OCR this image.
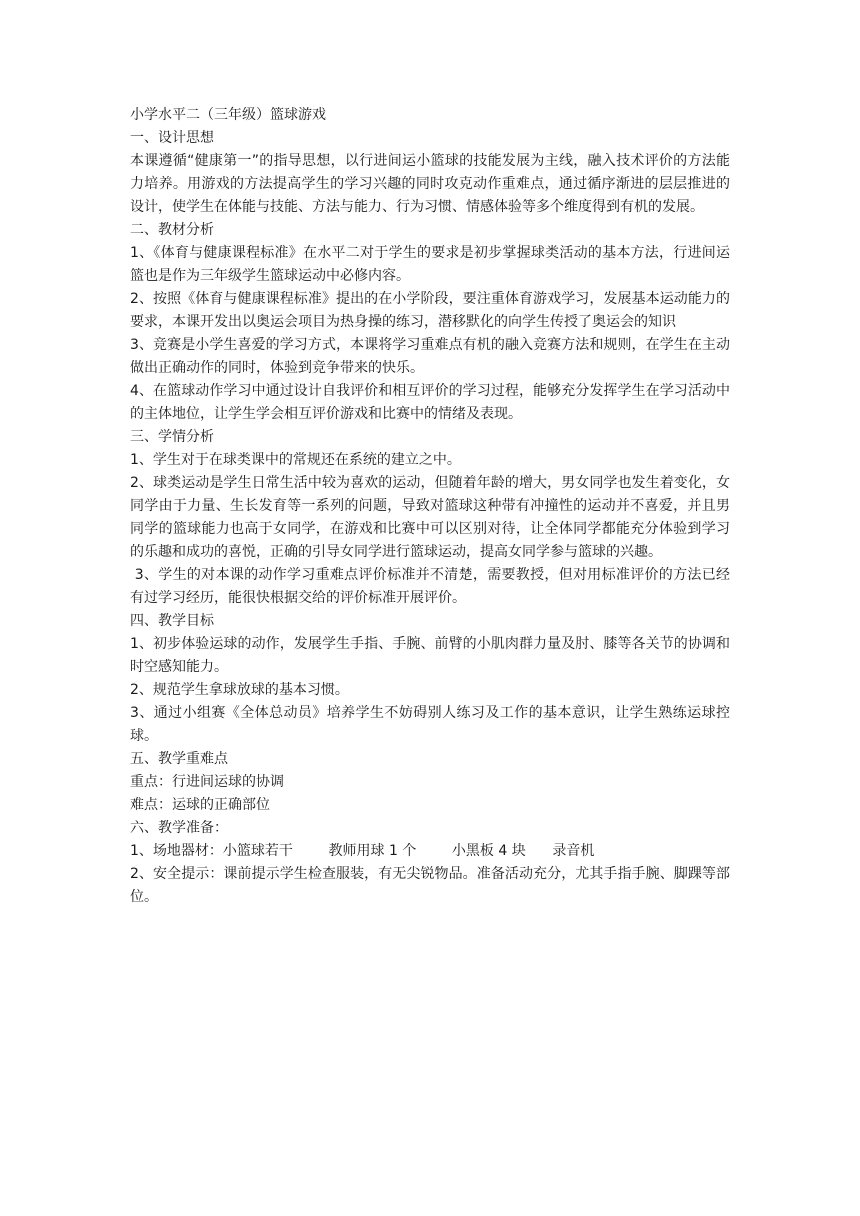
小学水平二（三年级）篮球游戏

一、设计思想

本课遵循“健康第一”的指导思想，以行进间运小篮球的技能发展为主线，融入技术评价的方法能力培养。用游戏的方法提高学生的学习兴趣的同时攻克动作重难点，通过循序渐进的层层推进的设计，使学生在体能与技能、方法与能力、行为习惯、情感体验等多个维度得到有机的发展。

二、教材分析

1、《体育与健康课程标准》在水平二对于学生的要求是初步掌握球类活动的基本方法，行进间运篮也是作为三年级学生篮球运动中必修内容。

2、按照《体育与健康课程标准》提出的在小学阶段，要注重体育游戏学习，发展基本运动能力的要求，本课开发出以奥运会项目为热身操的练习，潜移默化的向学生传授了奥运会的知识

3、竞赛是小学生喜爱的学习方式，本课将学习重难点有机的融入竞赛方法和规则，在学生在主动做出正确动作的同时，体验到竞争带来的快乐。

4、在篮球动作学习中通过设计自我评价和相互评价的学习过程，能够充分发挥学生在学习活动中的主体地位，让学生学会相互评价游戏和比赛中的情绪及表现。

三、学情分析

1、学生对于在球类课中的常规还在系统的建立之中。

2、球类运动是学生日常生活中较为喜欢的运动，但随着年龄的增大，男女同学也发生着变化，女同学由于力量、生长发育等一系列的问题，导致对篮球这种带有冲撞性的运动并不喜爱，并且男同学的篮球能力也高于女同学，在游戏和比赛中可以区别对待，让全体同学都能充分体验到学习的乐趣和成功的喜悦，正确的引导女同学进行篮球运动，提高女同学参与篮球的兴趣。

3、学生的对本课的动作学习重难点评价标准并不清楚，需要教授，但对用标准评价的方法已经有过学习经历，能很快根据交给的评价标准开展评价。

四、教学目标

1、初步体验运球的动作，发展学生手指、手腕、前臂的小肌肉群力量及肘、膝等各关节的协调和时空感知能力。

2、规范学生拿球放球的基本习惯。

3、通过小组赛《全体总动员》培养学生不妨碍别人练习及工作的基本意识，让学生熟练运球控球。

五、教学重难点

重点：行进间运球的协调

难点：运球的正确部位

六、教学准备：

1、场地器材：小篮球若干        教师用球 1 个        小黑板 4 块      录音机

2、安全提示：课前提示学生检查服装，有无尖锐物品。准备活动充分，尤其手指手腕、脚踝等部位。
